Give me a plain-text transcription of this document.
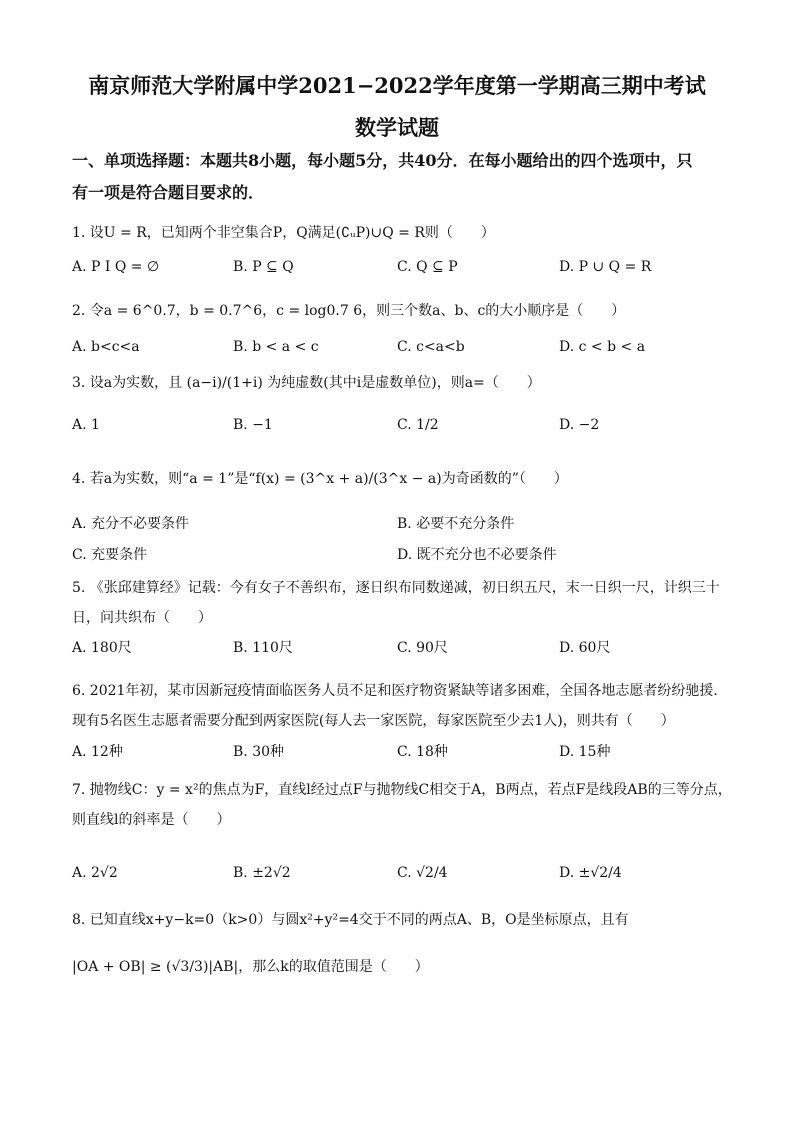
南京师范大学附属中学2021−2022学年度第一学期高三期中考试
数学试题
一、单项选择题：本题共8小题，每小题5分，共40分．在每小题给出的四个选项中，只
有一项是符合题目要求的．
1. 设U = R，已知两个非空集合P，Q满足(∁ᵤP)∪Q = R则（　　）
A. P I Q = ∅	B. P ⊆ Q	C. Q ⊆ P	D. P ∪ Q = R
2. 令a = 6^0.7，b = 0.7^6，c = log0.7 6，则三个数a、b、c的大小顺序是（　　）
A. b<c<a	B. b < a < c	C. c<a<b	D. c < b < a
3. 设a为实数，且 (a−i)/(1+i) 为纯虚数(其中i是虚数单位)，则a=（　　）
A. 1	B. −1	C. 1/2	D. −2
4. 若a为实数，则“a = 1”是“f(x) = (3^x + a)/(3^x − a)为奇函数的”（　　）
A. 充分不必要条件	B. 必要不充分条件
C. 充要条件	D. 既不充分也不必要条件
5. 《张邱建算经》记载：今有女子不善织布，逐日织布同数递减，初日织五尺，末一日织一尺，计织三十日，问共织布（　　）
A. 180尺	B. 110尺	C. 90尺	D. 60尺
6. 2021年初，某市因新冠疫情面临医务人员不足和医疗物资紧缺等诸多困难，全国各地志愿者纷纷驰援．现有5名医生志愿者需要分配到两家医院(每人去一家医院，每家医院至少去1人)，则共有（　　）
A. 12种	B. 30种	C. 18种	D. 15种
7. 抛物线C：y = x²的焦点为F，直线l经过点F与抛物线C相交于A，B两点，若点F是线段AB的三等分点，则直线l的斜率是（　　）
A. 2√2	B. ±2√2	C. √2/4	D. ±√2/4
8. 已知直线x+y−k=0（k>0）与圆x²+y²=4交于不同的两点A、B，O是坐标原点，且有
|OA + OB| ≥ (√3/3)|AB|，那么k的取值范围是（　　）
